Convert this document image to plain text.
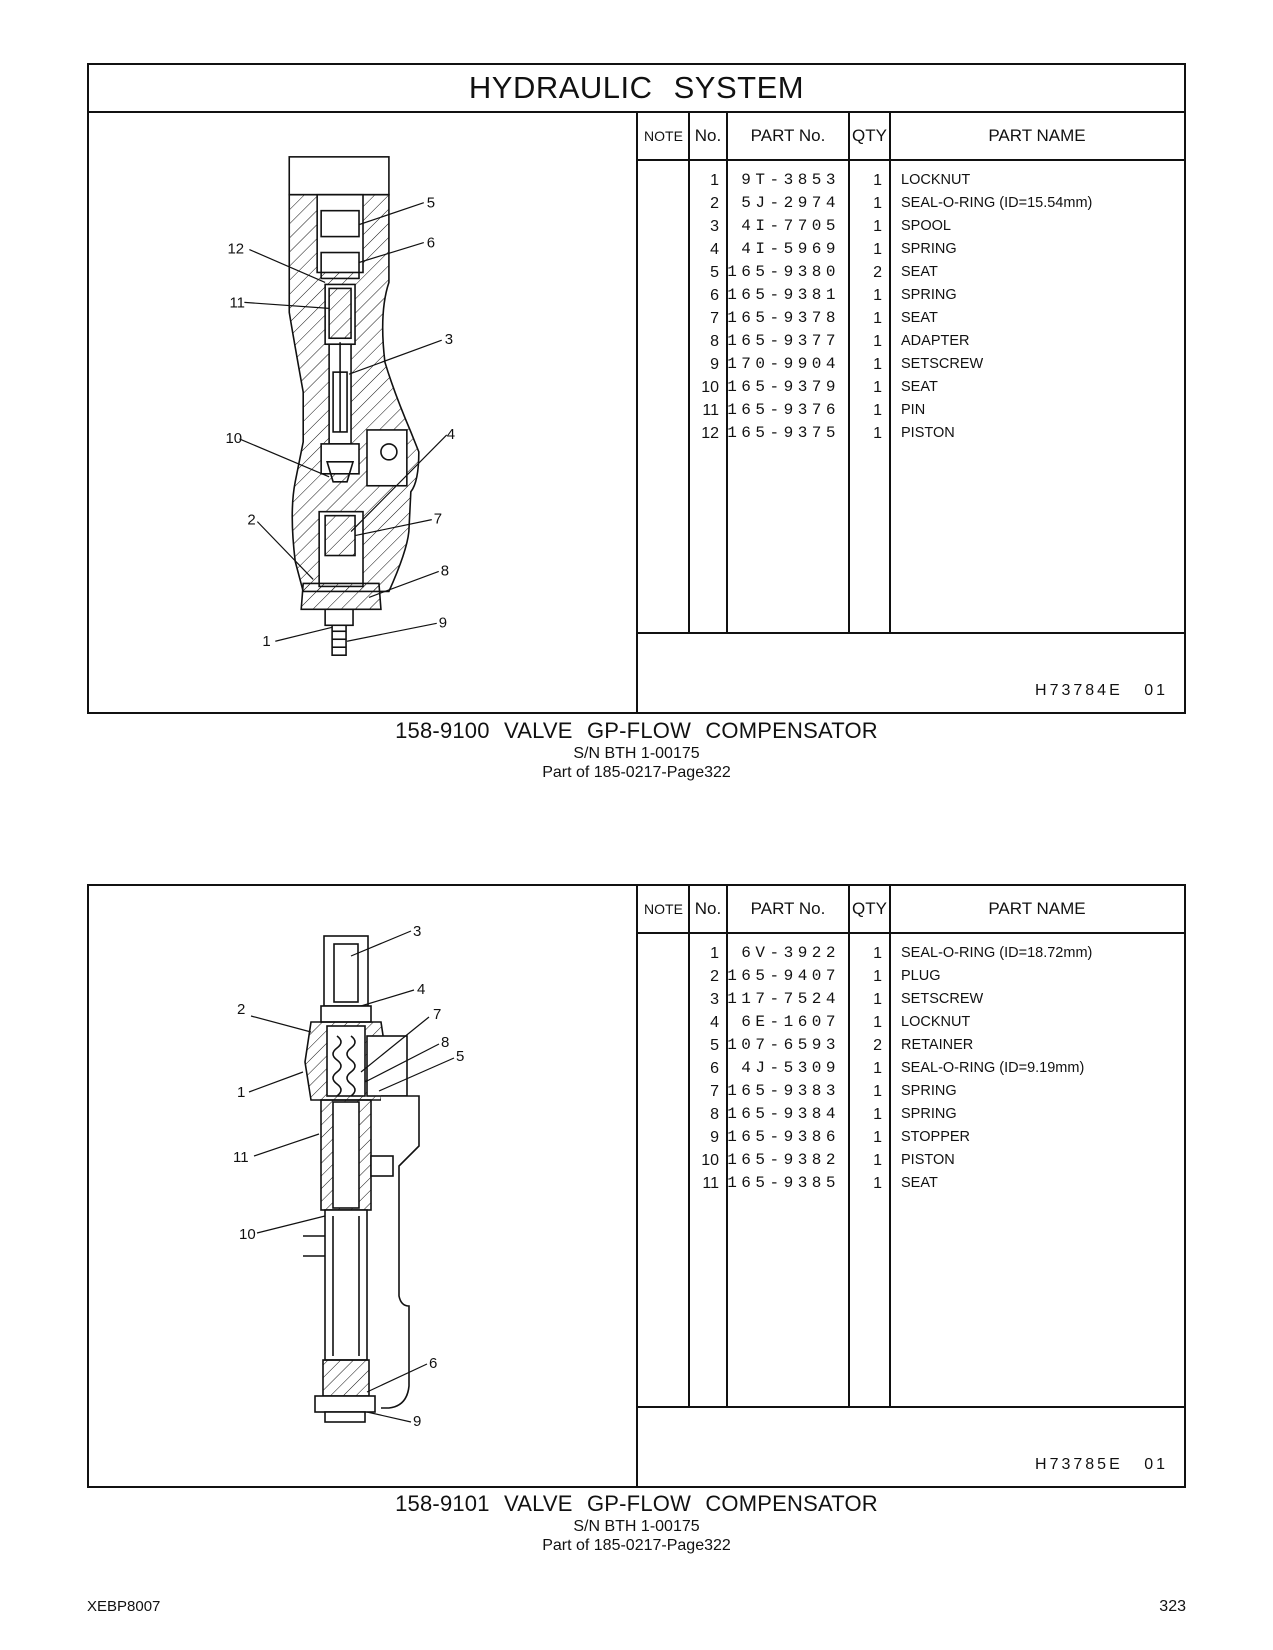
HYDRAULIC SYSTEM
5
6
12
11
3
10	4
2	7
8
9
1
NOTE No.	PART No.	QTY	PART NAME
1	9T-3853	1	LOCKNUT
2	5J-2974	1	SEAL-O-RING (ID=15.54mm)
3	4I-7705	1	SPOOL
4	4I-5969	1	SPRING
5 165-9380	2	SEAT
6 165-9381	1	SPRING
7 165-9378	1	SEAT
8 165-9377	1	ADAPTER
9 170-9904	1	SETSCREW
10 165-9379	1	SEAT
11 165-9376	1	PIN
12 165-9375	1	PISTON
H73784E 01
158-9100 VALVE GP-FLOW COMPENSATOR
S/N BTH 1-00175
Part of 185-0217-Page322
3
4
2	7
8
5
1
11
10
6
9
NOTE No.	PART No.	QTY	PART NAME
1	6V-3922	1	SEAL-O-RING (ID=18.72mm)
2 165-9407	1	PLUG
3 117-7524	1	SETSCREW
4	6E-1607	1	LOCKNUT
5 107-6593	2	RETAINER
6	4J-5309	1	SEAL-O-RING (ID=9.19mm)
7 165-9383	1	SPRING
8 165-9384	1	SPRING
9 165-9386	1	STOPPER
10 165-9382	1	PISTON
11 165-9385	1	SEAT
H73785E 01
158-9101 VALVE GP-FLOW COMPENSATOR
S/N BTH 1-00175
Part of 185-0217-Page322
XEBP8007	323
